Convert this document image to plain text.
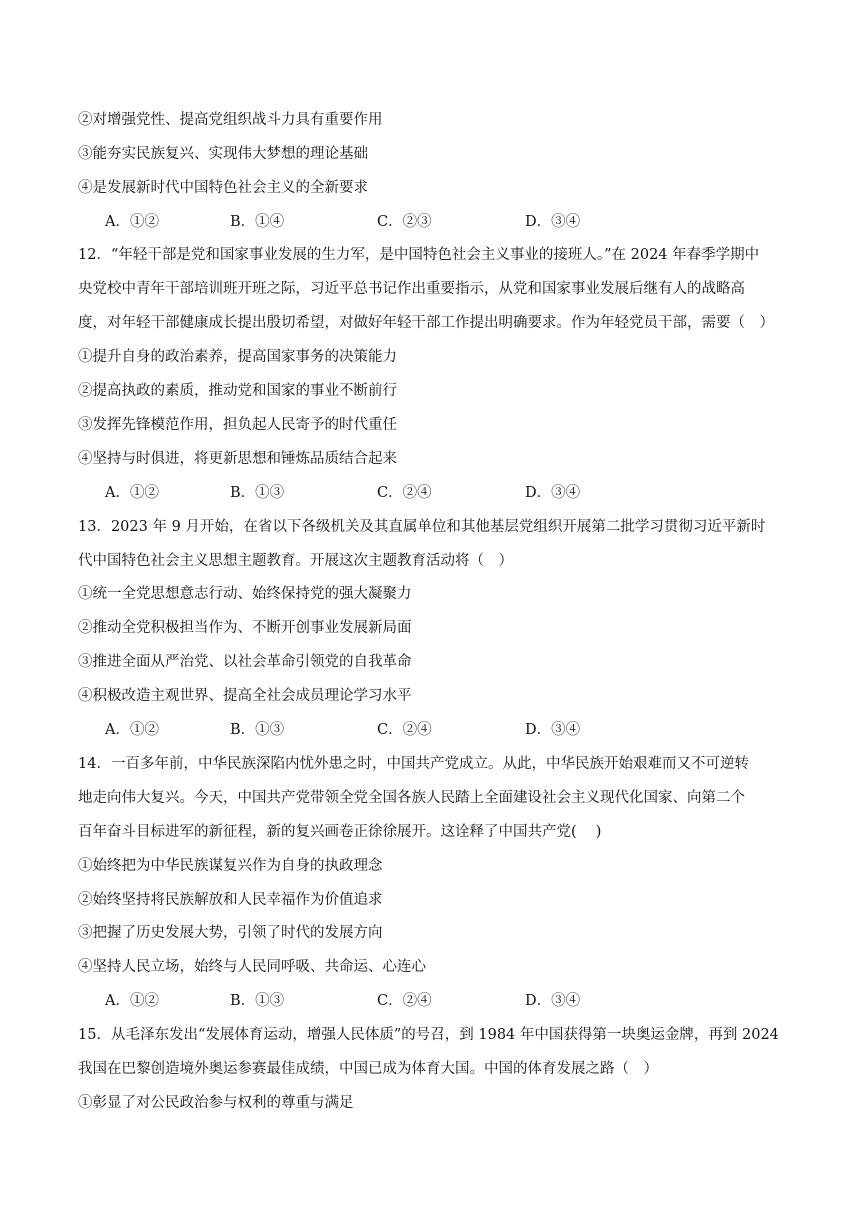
②对增强党性、提高党组织战斗力具有重要作用
③能夯实民族复兴、实现伟大梦想的理论基础
④是发展新时代中国特色社会主义的全新要求
A．①②	B．①④	C．②③	D．③④
12．“年轻干部是党和国家事业发展的生力军，是中国特色社会主义事业的接班人。”在 2024 年春季学期中
央党校中青年干部培训班开班之际，习近平总书记作出重要指示，从党和国家事业发展后继有人的战略高
度，对年轻干部健康成长提出殷切希望，对做好年轻干部工作提出明确要求。作为年轻党员干部，需要（　）
①提升自身的政治素养，提高国家事务的决策能力
②提高执政的素质，推动党和国家的事业不断前行
③发挥先锋模范作用，担负起人民寄予的时代重任
④坚持与时俱进，将更新思想和锤炼品质结合起来
A．①②	B．①③	C．②④	D．③④
13．2023 年 9 月开始，在省以下各级机关及其直属单位和其他基层党组织开展第二批学习贯彻习近平新时
代中国特色社会主义思想主题教育。开展这次主题教育活动将（　）
①统一全党思想意志行动、始终保持党的强大凝聚力
②推动全党积极担当作为、不断开创事业发展新局面
③推进全面从严治党、以社会革命引领党的自我革命
④积极改造主观世界、提高全社会成员理论学习水平
A．①②	B．①③	C．②④	D．③④
14．一百多年前，中华民族深陷内忧外患之时，中国共产党成立。从此，中华民族开始艰难而又不可逆转
地走向伟大复兴。今天，中国共产党带领全党全国各族人民踏上全面建设社会主义现代化国家、向第二个
百年奋斗目标进军的新征程，新的复兴画卷正徐徐展开。这诠释了中国共产党(　 )
①始终把为中华民族谋复兴作为自身的执政理念
②始终坚持将民族解放和人民幸福作为价值追求
③把握了历史发展大势，引领了时代的发展方向
④坚持人民立场，始终与人民同呼吸、共命运、心连心
A．①②	B．①③	C．②④	D．③④
15．从毛泽东发出“发展体育运动，增强人民体质”的号召，到 1984 年中国获得第一块奥运金牌，再到 2024
我国在巴黎创造境外奥运参赛最佳成绩，中国已成为体育大国。中国的体育发展之路（　）
①彰显了对公民政治参与权利的尊重与满足
